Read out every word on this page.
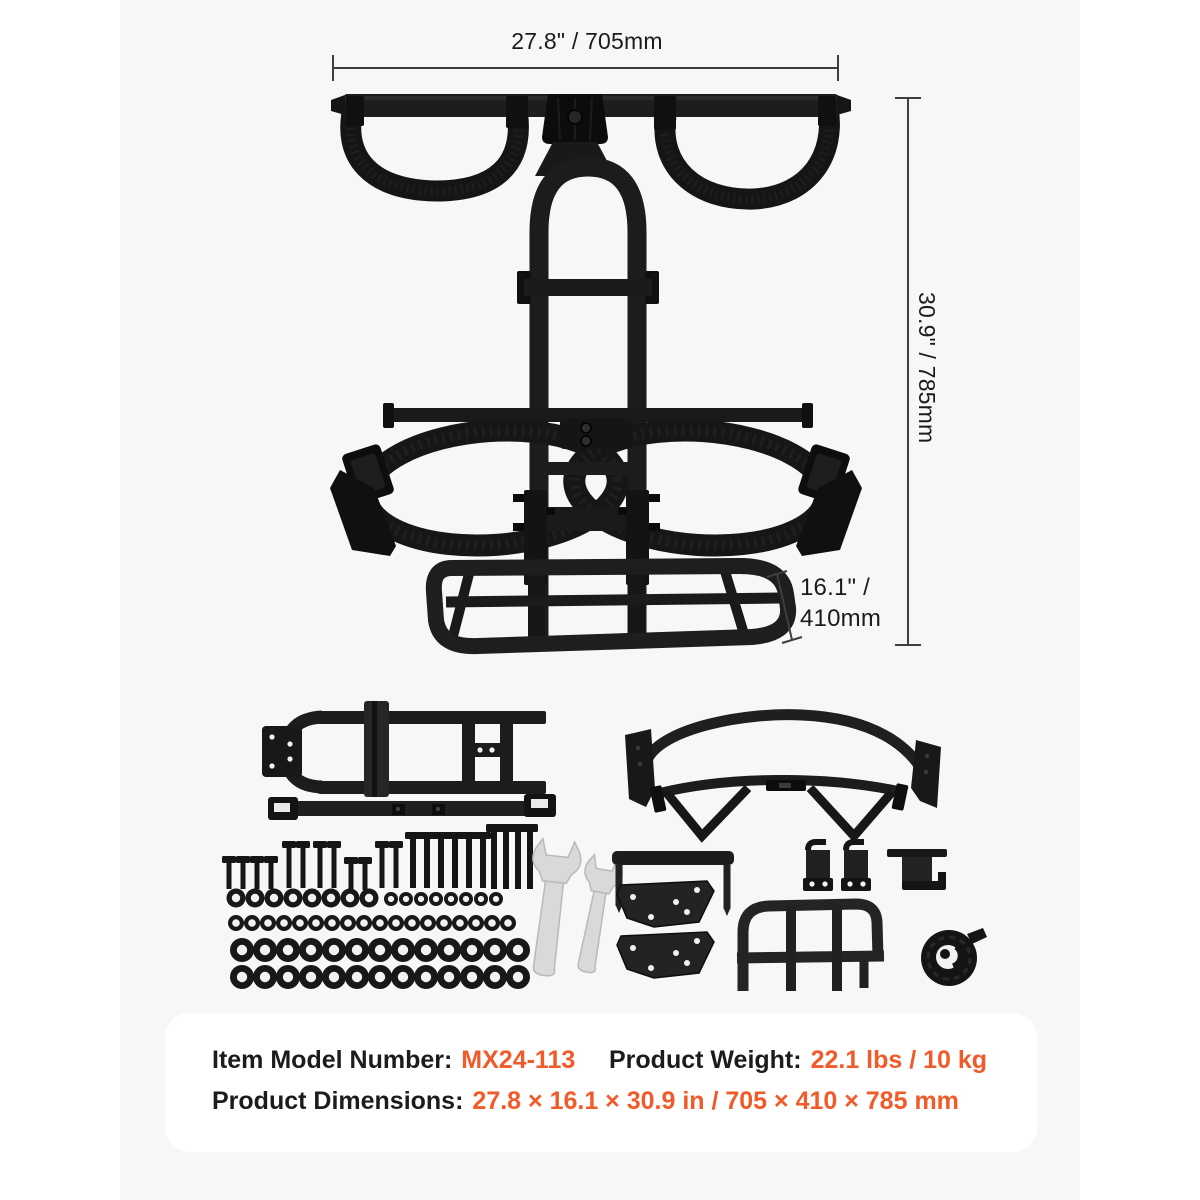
27.8" / 705mm
30.9" / 785mm
16.1" /
410mm
Item Model Number: MX24-113 Product Weight: 22.1 lbs / 10 kg
Product Dimensions: 27.8 × 16.1 × 30.9 in / 705 × 410 × 785 mm
